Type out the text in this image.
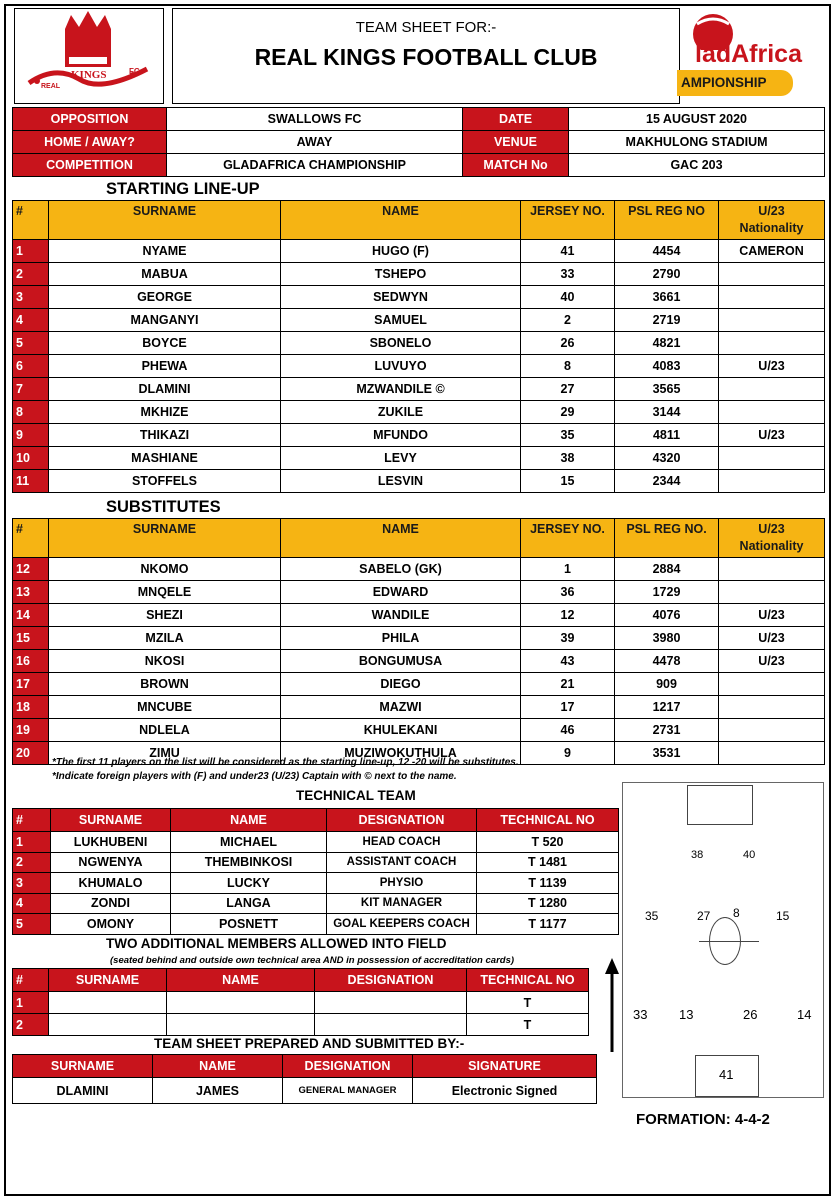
KINGS
REAL
FC
TEAM SHEET FOR:-
REAL KINGS FOOTBALL CLUB	ladAfrica
AMPIONSHIP
OPPOSITION	SWALLOWS FC	DATE	15 AUGUST 2020
HOME / AWAY?	AWAY	VENUE	MAKHULONG STADIUM
COMPETITION	GLADAFRICA CHAMPIONSHIP	MATCH No	GAC 203
STARTING LINE-UP
#	SURNAME	NAME	JERSEY NO.	PSL REG NO	U/23
Nationality
1	NYAME	HUGO (F)	41	4454	CAMERON
2	MABUA	TSHEPO	33	2790	
3	GEORGE	SEDWYN	40	3661	
4	MANGANYI	SAMUEL	2	2719	
5	BOYCE	SBONELO	26	4821	
6	PHEWA	LUVUYO	8	4083	U/23
7	DLAMINI	MZWANDILE ©	27	3565	
8	MKHIZE	ZUKILE	29	3144	
9	THIKAZI	MFUNDO	35	4811	U/23
10	MASHIANE	LEVY	38	4320	
11	STOFFELS	LESVIN	15	2344	
SUBSTITUTES
#	SURNAME	NAME	JERSEY NO.	PSL REG NO.	U/23
Nationality
12	NKOMO	SABELO (GK)	1	2884	
13	MNQELE	EDWARD	36	1729	
14	SHEZI	WANDILE	12	4076	U/23
15	MZILA	PHILA	39	3980	U/23
16	NKOSI	BONGUMUSA	43	4478	U/23
17	BROWN	DIEGO	21	909	
18	MNCUBE	MAZWI	17	1217	
19	NDLELA	KHULEKANI	46	2731	
20	ZIMU	MUZIWOKUTHULA	9	3531	
*The first 11 players on the list will be considered as the starting line-up, 12 -20 will be substitutes.
*Indicate foreign players with (F) and under23 (U/23) Captain with © next to the name.
TECHNICAL TEAM
#	SURNAME	NAME	DESIGNATION	TECHNICAL NO
1	LUKHUBENI	MICHAEL	HEAD COACH	T 520
2	NGWENYA	THEMBINKOSI	ASSISTANT COACH	T 1481
3	KHUMALO	LUCKY	PHYSIO	T 1139
4	ZONDI	LANGA	KIT MANAGER	T 1280
5	OMONY	POSNETT	GOAL KEEPERS COACH	T 1177
TWO ADDITIONAL MEMBERS ALLOWED INTO FIELD
(seated behind and outside own technical area AND in possession of accreditation cards)
#	SURNAME	NAME	DESIGNATION	TECHNICAL NO
1				T
2				T
TEAM SHEET PREPARED AND SUBMITTED BY:-
SURNAME	NAME	DESIGNATION	SIGNATURE
DLAMINI	JAMES	GENERAL MANAGER	Electronic Signed
38	40
35	27 8	15
33 13	26	14
41
FORMATION: 4-4-2
